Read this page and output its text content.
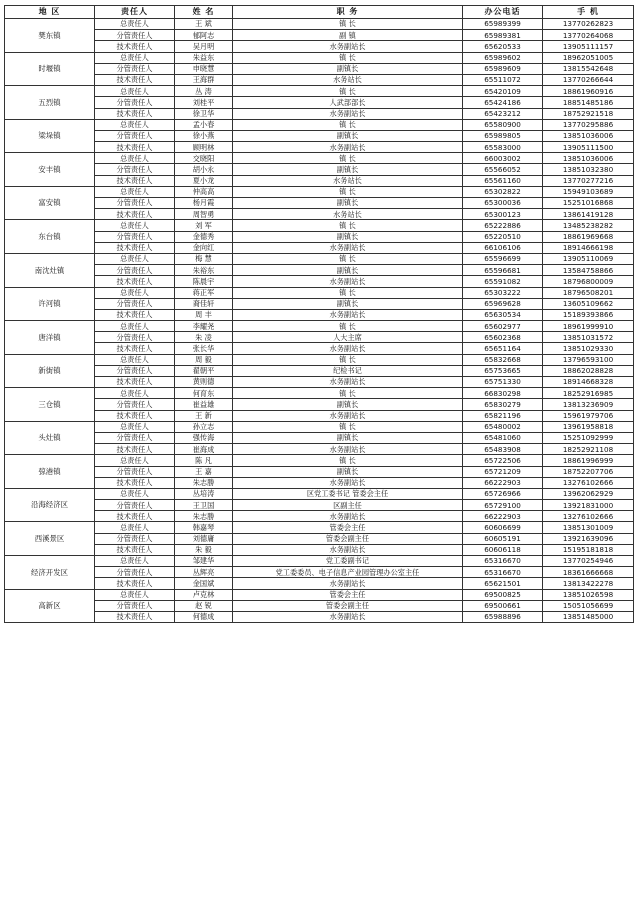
地 区	责任人	姓 名	职 务	办公电话	手 机
樊东镇	总责任人	王 斌	镇 长	65989399	13770262823
	分管责任人	郁阿志	副 镇	65989381	13770264068
	技术责任人	吴月明	水务副站长	65620533	13905111157
时堰镇	总责任人	朱益东	镇 长	65989602	18962051005
	分管责任人	申晓慧	副镇长	65989609	13815542648
	技术责任人	王海群	水务站长	65511072	13770266644
五烈镇	总责任人	丛 涛	镇 长	65420109	18861960916
	分管责任人	刘桂平	人武部部长	65424186	18851485186
	技术责任人	徐卫华	水务副站长	65423212	18752921518
梁垛镇	总责任人	孟小春	镇 长	65580900	13770295886
	分管责任人	徐小燕	副镇长	65989805	13851036006
	技术责任人	顾明林	水务副站长	65583000	13905111500
安丰镇	总责任人	交晓阳	镇 长	66003002	13851036006
	分管责任人	胡小永	副镇长	65566052	13851032380
	技术责任人	夏小龙	水务站长	65561160	13770277216
富安镇	总责任人	仲高高	镇 长	65302822	15949103689
	分管责任人	杨月霞	副镇长	65300036	15251016868
	技术责任人	周智勇	水务站长	65300123	13861419128
东台镇	总责任人	刘 军	镇 长	65222886	13485238282
	分管责任人	金德秀	副镇长	65220510	18861969668
	技术责任人	金向红	水务副站长	66106106	18914666198
南沈灶镇	总责任人	梅 慧	镇 长	65596699	13905110069
	分管责任人	朱裕东	副镇长	65596681	13584758866
	技术责任人	陈晨宇	水务副站长	65591082	18796800009
许河镇	总责任人	蒋正军	镇 长	65303222	18796508201
	分管责任人	裔佳轩	副镇长	65969628	13605109662
	技术责任人	周 丰	水务副站长	65630534	15189393866
唐洋镇	总责任人	李耀尧	镇 长	65602977	18961999910
	分管责任人	朱 凌	人大主席	65602368	13851031572
	技术责任人	张长华	水务副站长	65651164	13851029330
新街镇	总责任人	周 毅	镇 长	65832668	13796593100
	分管责任人	翟朝平	纪检书记	65753665	18862028828
	技术责任人	黄则德	水务副站长	65751330	18914668328
三仓镇	总责任人	何育东	镇 长	66830298	18252916985
	分管责任人	崔益雄	副镇长	65830279	13813236909
	技术责任人	王 新	水务副站长	65821196	15961979706
头灶镇	总责任人	孙立志	镇 长	65480002	13961958818
	分管责任人	强传海	副镇长	65481060	15251092999
	技术责任人	崔海成	水务副站长	65483908	18252921108
弶港镇	总责任人	陈 凡	镇 长	65722506	18861996999
	分管责任人	王 嘉	副镇长	65721209	18752207706
	技术责任人	朱志勝	水务副站长	66222903	13276102666
沿海经济区	总责任人	丛培涛	区党工委书记 管委会主任	65726966	13962062929
	分管责任人	王卫国	区副主任	65729100	13921831000
	技术责任人	朱志勝	水务副站长	66222903	13276102666
西溪景区	总责任人	韩嘉琴	管委会主任	60606699	13851301009
	分管责任人	刘德庸	管委会副主任	60605191	13921639096
	技术责任人	朱 毅	水务副站长	60606118	15195181818
经济开发区	总责任人	邹建华	党工委副书记	65316670	13770254946
	分管责任人	丛辉亮	党工委委员、电子信息产业园管理办公室主任	65316670	18361666668
	技术责任人	金国斌	水务副站长	65621501	13813422278
高新区	总责任人	卢克林	管委会主任	69500825	13851026598
	分管责任人	赵 锐	管委会副主任	69500661	15051056699
	技术责任人	何德成	水务副站长	65988896	13851485000
